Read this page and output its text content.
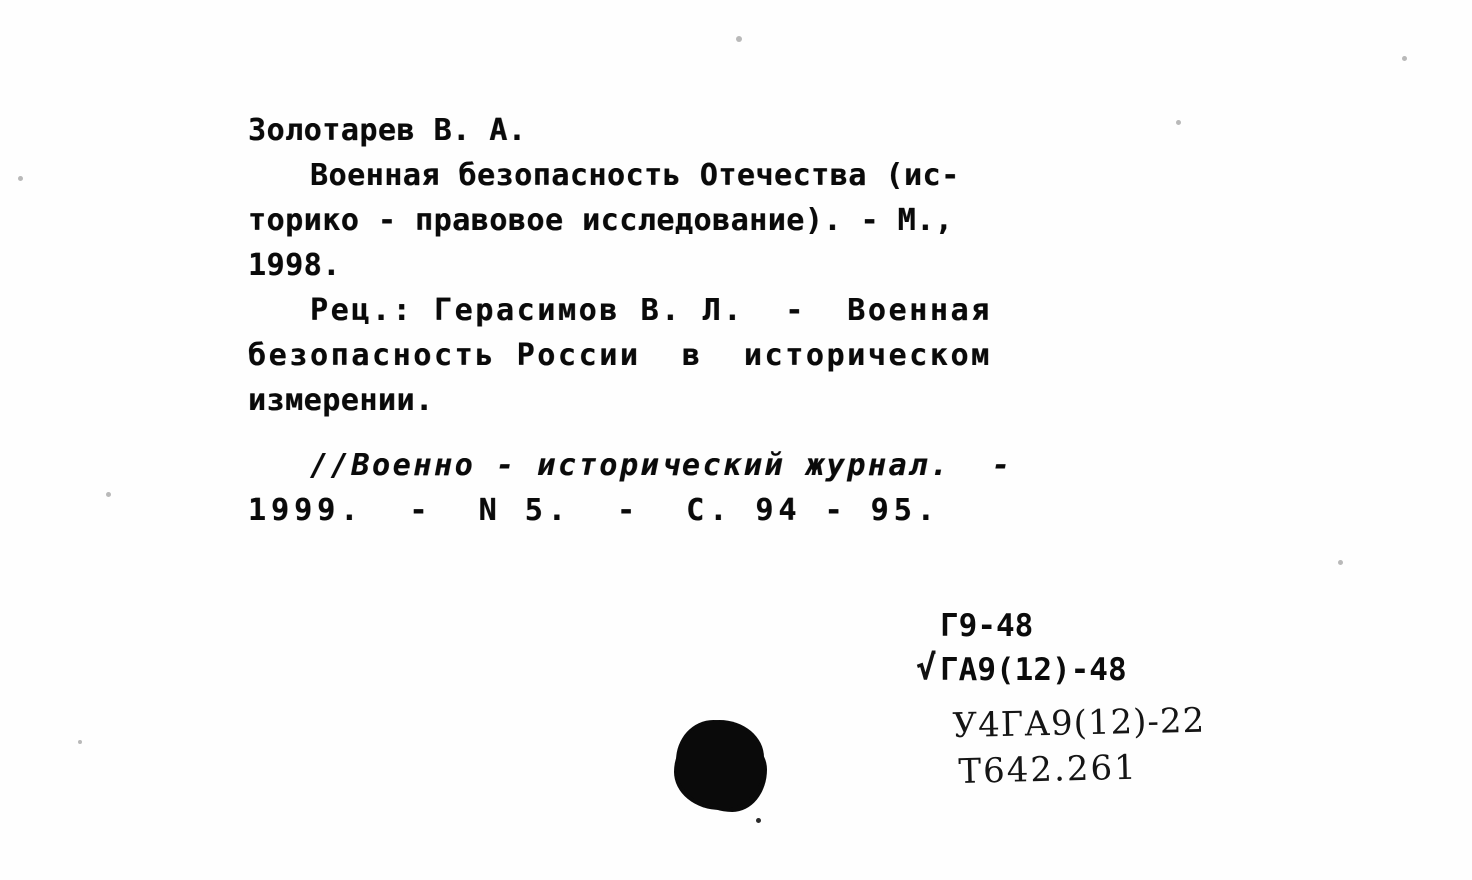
Золотарев В. А.
Военная безопасность Отечества (ис-
торико - правовое исследование). - М.,
1998.
Рец.: Герасимов В. Л.  -  Военная
безопасность России  в  историческом
измерении.
//Военно - исторический журнал.  -
1999.  -  N 5.  -  С. 94 - 95.
Г9-48
ГА9(12)-48
√
У4ГА9(12)-22
Т642.261
